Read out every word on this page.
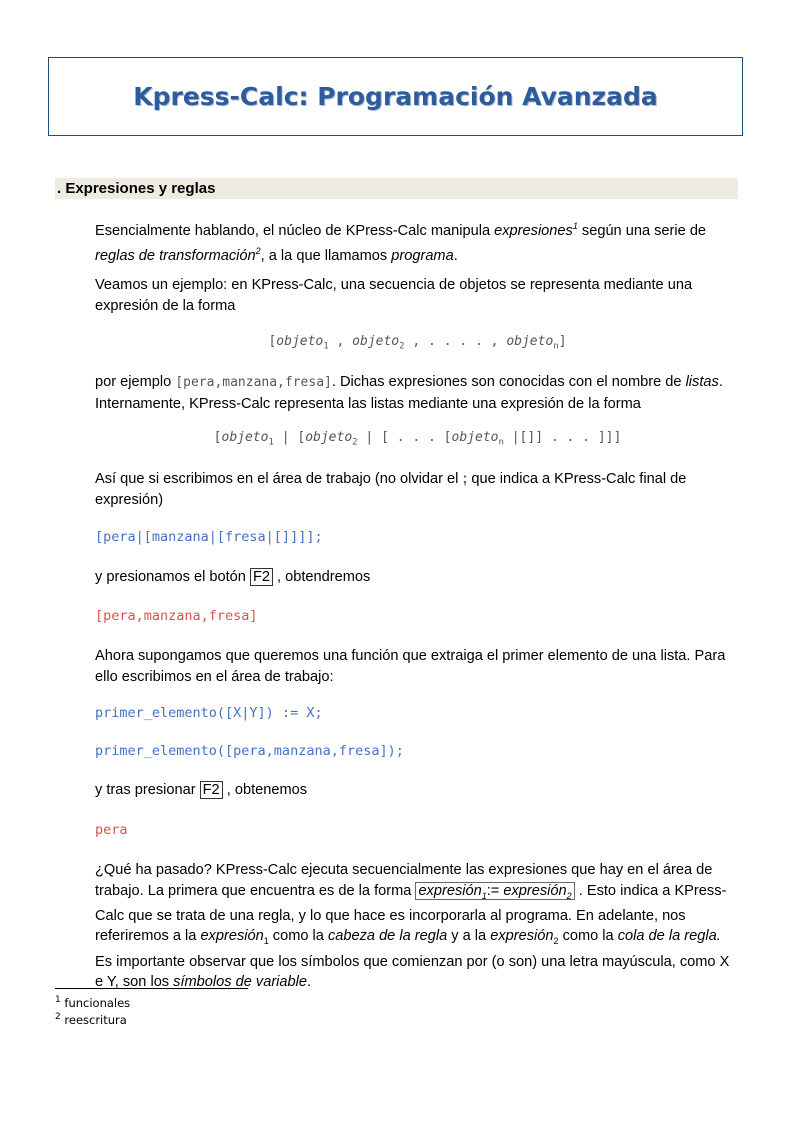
Kpress-Calc: Programación Avanzada
. Expresiones y reglas

Esencialmente hablando, el núcleo de KPress-Calc manipula expresiones$^1$ según una serie de reglas de transformación$^2$, a la que llamamos programa.

Veamos un ejemplo: en KPress-Calc, una secuencia de objetos se representa mediante una expresión de la forma

[objeto$_1$ , objeto$_2$ , . . . . , objeto$_n$]

por ejemplo [pera,manzana,fresa]. Dichas expresiones son conocidas con el nombre de listas. Internamente, KPress-Calc representa las listas mediante una expresión de la forma

[objeto$_1$ | [objeto$_2$ | [ . . . [objeto$_n$ |[]] . . . ]]]

Así que si escribimos en el área de trabajo (no olvidar el ; que indica a KPress-Calc final de expresión)

[pera|[manzana|[fresa|[]]]];

y presionamos el botón F2 , obtendremos

[pera,manzana,fresa]

Ahora supongamos que queremos una función que extraiga el primer elemento de una lista. Para ello escribimos en el área de trabajo:

primer_elemento([X|Y]) := X;

primer_elemento([pera,manzana,fresa]);

y tras presionar F2 , obtenemos

pera

¿Qué ha pasado? KPress-Calc ejecuta secuencialmente las expresiones que hay en el área de trabajo. La primera que encuentra es de la forma expresión$_1$:= expresión$_2$ . Esto indica a KPress-Calc que se trata de una regla, y lo que hace es incorporarla al programa. En adelante, nos referiremos a la expresión$_1$ como la cabeza de la regla y a la expresión$_2$ como la cola de la regla. Es importante observar que los símbolos que comienzan por (o son) una letra mayúscula, como X e Y, son los símbolos de variable.

$^1$ funcionales

$^2$ reescritura
